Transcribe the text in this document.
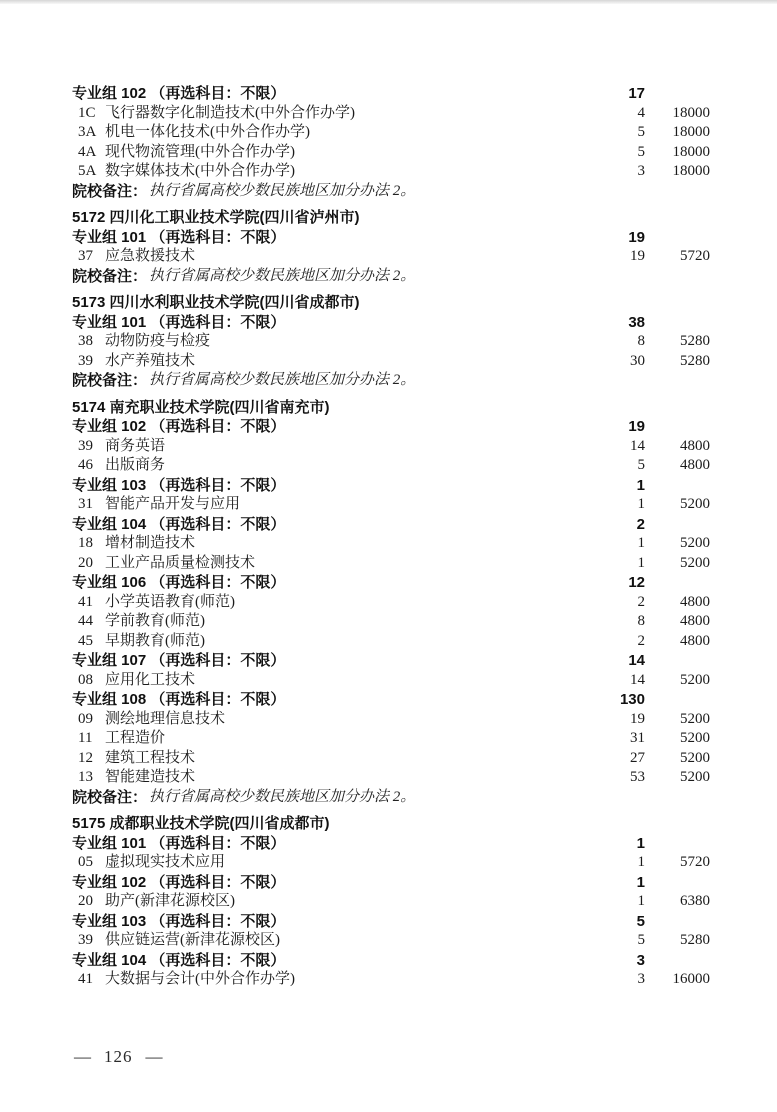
专业组 102 （再选科目：不限）	17
1C 飞行器数字化制造技术(中外合作办学)	4	18000
3A 机电一体化技术(中外合作办学)	5	18000
4A 现代物流管理(中外合作办学)	5	18000
5A 数字媒体技术(中外合作办学)	3	18000
院校备注： 执行省属高校少数民族地区加分办法 2。
5172 四川化工职业技术学院(四川省泸州市)
专业组 101 （再选科目：不限）	19
37 应急救援技术	19	5720
院校备注： 执行省属高校少数民族地区加分办法 2。
5173 四川水利职业技术学院(四川省成都市)
专业组 101 （再选科目：不限）	38
38 动物防疫与检疫	8	5280
39 水产养殖技术	30	5280
院校备注： 执行省属高校少数民族地区加分办法 2。
5174 南充职业技术学院(四川省南充市)
专业组 102 （再选科目：不限）	19
39 商务英语	14	4800
46 出版商务	5	4800
专业组 103 （再选科目：不限）	1
31 智能产品开发与应用	1	5200
专业组 104 （再选科目：不限）	2
18 增材制造技术	1	5200
20 工业产品质量检测技术	1	5200
专业组 106 （再选科目：不限）	12
41 小学英语教育(师范)	2	4800
44 学前教育(师范)	8	4800
45 早期教育(师范)	2	4800
专业组 107 （再选科目：不限）	14
08 应用化工技术	14	5200
专业组 108 （再选科目：不限）	130
09 测绘地理信息技术	19	5200
11 工程造价	31	5200
12 建筑工程技术	27	5200
13 智能建造技术	53	5200
院校备注： 执行省属高校少数民族地区加分办法 2。
5175 成都职业技术学院(四川省成都市)
专业组 101 （再选科目：不限）	1
05 虚拟现实技术应用	1	5720
专业组 102 （再选科目：不限）	1
20 助产(新津花源校区)	1	6380
专业组 103 （再选科目：不限）	5
39 供应链运营(新津花源校区)	5	5280
专业组 104 （再选科目：不限）	3
41 大数据与会计(中外合作办学)	3	16000
— 126 —
